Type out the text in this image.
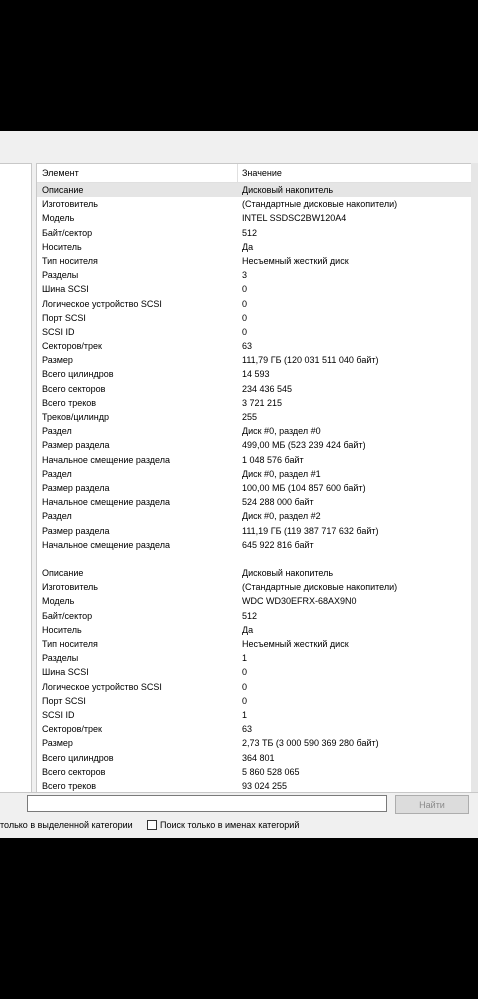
Элемент	Значение
Описание	Дисковый накопитель
Изготовитель	(Стандартные дисковые накопители)
Модель	INTEL SSDSC2BW120A4
Байт/сектор	512
Носитель	Да
Тип носителя	Несъемный жесткий диск
Разделы	3
Шина SCSI	0
Логическое устройство SCSI	0
Порт SCSI	0
SCSI ID	0
Секторов/трек	63
Размер	111,79 ГБ (120 031 511 040 байт)
Всего цилиндров	14 593
Всего секторов	234 436 545
Всего треков	3 721 215
Треков/цилиндр	255
Раздел	Диск #0, раздел #0
Размер раздела	499,00 МБ (523 239 424 байт)
Начальное смещение раздела	1 048 576 байт
Раздел	Диск #0, раздел #1
Размер раздела	100,00 МБ (104 857 600 байт)
Начальное смещение раздела	524 288 000 байт
Раздел	Диск #0, раздел #2
Размер раздела	111,19 ГБ (119 387 717 632 байт)
Начальное смещение раздела	645 922 816 байт
Описание	Дисковый накопитель
Изготовитель	(Стандартные дисковые накопители)
Модель	WDC WD30EFRX-68AX9N0
Байт/сектор	512
Носитель	Да
Тип носителя	Несъемный жесткий диск
Разделы	1
Шина SCSI	0
Логическое устройство SCSI	0
Порт SCSI	0
SCSI ID	1
Секторов/трек	63
Размер	2,73 ТБ (3 000 590 369 280 байт)
Всего цилиндров	364 801
Всего секторов	5 860 528 065
Всего треков	93 024 255
Найти
только в выделенной категории	Поиск только в именах категорий
